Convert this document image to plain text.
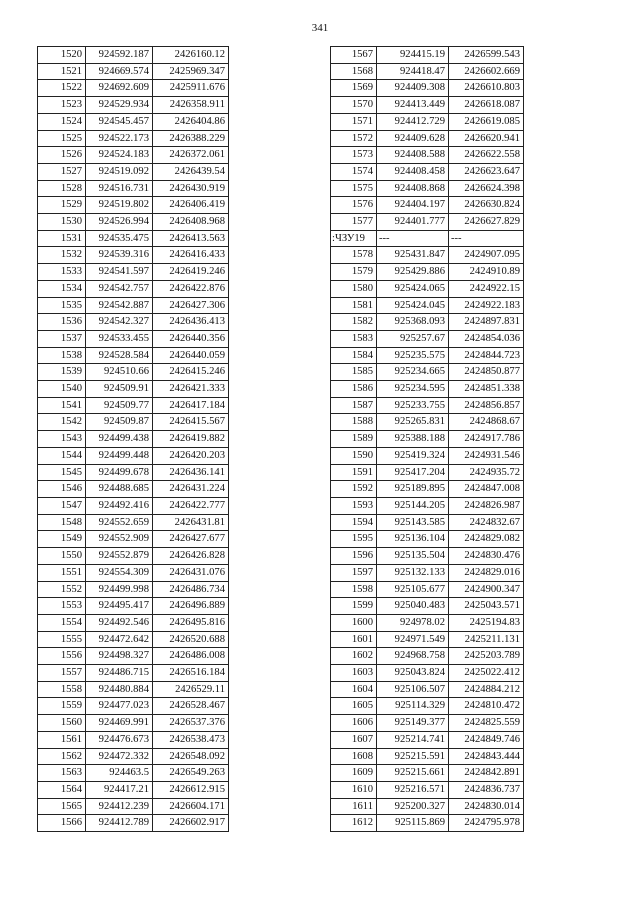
341
1520	924592.187	2426160.12
1521	924669.574	2425969.347
1522	924692.609	2425911.676
1523	924529.934	2426358.911
1524	924545.457	2426404.86
1525	924522.173	2426388.229
1526	924524.183	2426372.061
1527	924519.092	2426439.54
1528	924516.731	2426430.919
1529	924519.802	2426406.419
1530	924526.994	2426408.968
1531	924535.475	2426413.563
1532	924539.316	2426416.433
1533	924541.597	2426419.246
1534	924542.757	2426422.876
1535	924542.887	2426427.306
1536	924542.327	2426436.413
1537	924533.455	2426440.356
1538	924528.584	2426440.059
1539	924510.66	2426415.246
1540	924509.91	2426421.333
1541	924509.77	2426417.184
1542	924509.87	2426415.567
1543	924499.438	2426419.882
1544	924499.448	2426420.203
1545	924499.678	2426436.141
1546	924488.685	2426431.224
1547	924492.416	2426422.777
1548	924552.659	2426431.81
1549	924552.909	2426427.677
1550	924552.879	2426426.828
1551	924554.309	2426431.076
1552	924499.998	2426486.734
1553	924495.417	2426496.889
1554	924492.546	2426495.816
1555	924472.642	2426520.688
1556	924498.327	2426486.008
1557	924486.715	2426516.184
1558	924480.884	2426529.11
1559	924477.023	2426528.467
1560	924469.991	2426537.376
1561	924476.673	2426538.473
1562	924472.332	2426548.092
1563	924463.5	2426549.263
1564	924417.21	2426612.915
1565	924412.239	2426604.171
1566	924412.789	2426602.917
1567	924415.19	2426599.543
1568	924418.47	2426602.669
1569	924409.308	2426610.803
1570	924413.449	2426618.087
1571	924412.729	2426619.085
1572	924409.628	2426620.941
1573	924408.588	2426622.558
1574	924408.458	2426623.647
1575	924408.868	2426624.398
1576	924404.197	2426630.824
1577	924401.777	2426627.829
:ЧЗУ19	---	---
1578	925431.847	2424907.095
1579	925429.886	2424910.89
1580	925424.065	2424922.15
1581	925424.045	2424922.183
1582	925368.093	2424897.831
1583	925257.67	2424854.036
1584	925235.575	2424844.723
1585	925234.665	2424850.877
1586	925234.595	2424851.338
1587	925233.755	2424856.857
1588	925265.831	2424868.67
1589	925388.188	2424917.786
1590	925419.324	2424931.546
1591	925417.204	2424935.72
1592	925189.895	2424847.008
1593	925144.205	2424826.987
1594	925143.585	2424832.67
1595	925136.104	2424829.082
1596	925135.504	2424830.476
1597	925132.133	2424829.016
1598	925105.677	2424900.347
1599	925040.483	2425043.571
1600	924978.02	2425194.83
1601	924971.549	2425211.131
1602	924968.758	2425203.789
1603	925043.824	2425022.412
1604	925106.507	2424884.212
1605	925114.329	2424810.472
1606	925149.377	2424825.559
1607	925214.741	2424849.746
1608	925215.591	2424843.444
1609	925215.661	2424842.891
1610	925216.571	2424836.737
1611	925200.327	2424830.014
1612	925115.869	2424795.978
